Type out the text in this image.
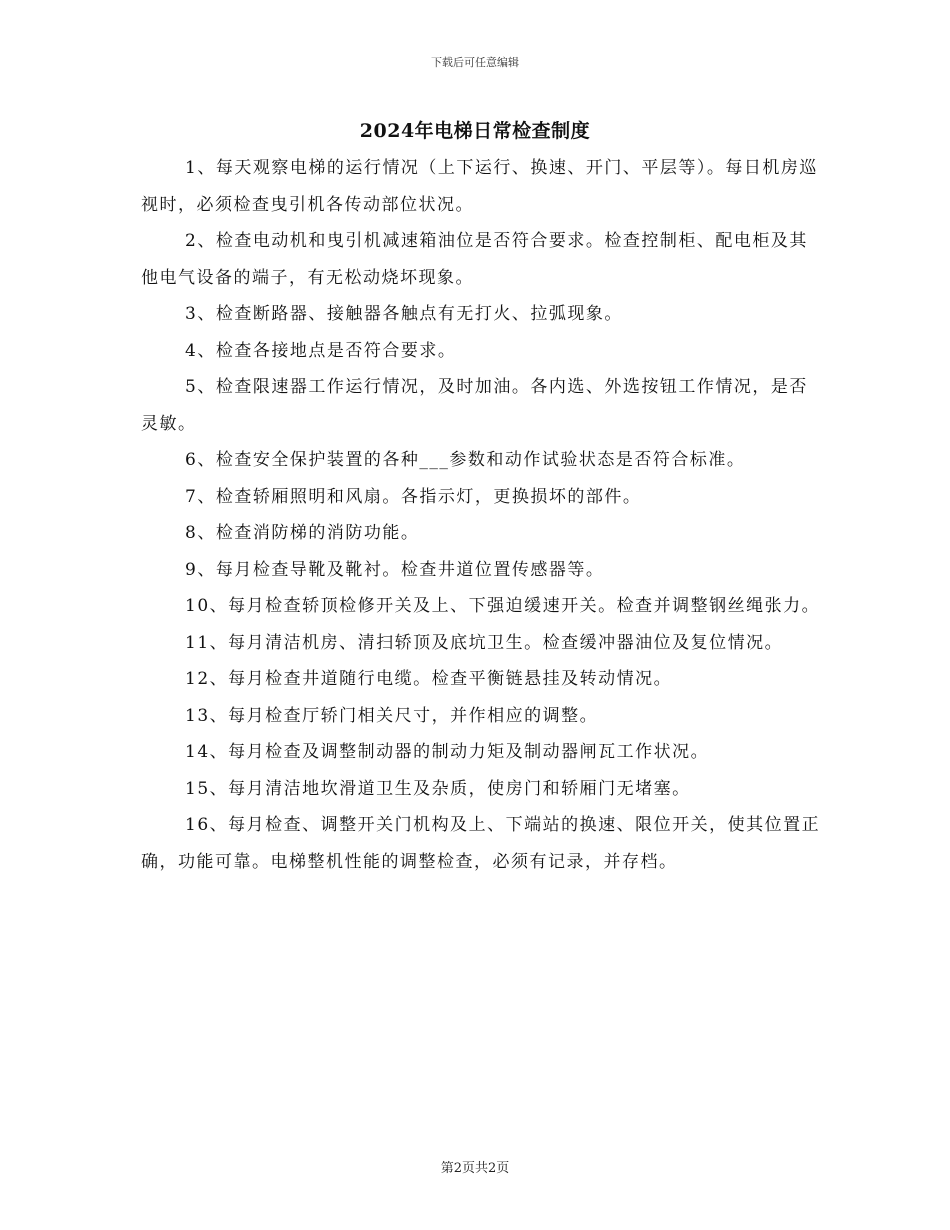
下载后可任意编辑
2024年电梯日常检查制度

1、每天观察电梯的运行情况（上下运行、换速、开门、平层等）。每日机房巡视时，必须检查曳引机各传动部位状况。

2、检查电动机和曳引机减速箱油位是否符合要求。检查控制柜、配电柜及其他电气设备的端子，有无松动烧坏现象。

3、检查断路器、接触器各触点有无打火、拉弧现象。

4、检查各接地点是否符合要求。

5、检查限速器工作运行情况，及时加油。各内选、外选按钮工作情况，是否灵敏。

6、检查安全保护装置的各种___参数和动作试验状态是否符合标准。

7、检查轿厢照明和风扇。各指示灯，更换损坏的部件。

8、检查消防梯的消防功能。

9、每月检查导靴及靴衬。检查井道位置传感器等。

10、每月检查轿顶检修开关及上、下强迫缓速开关。检查并调整钢丝绳张力。

11、每月清洁机房、清扫轿顶及底坑卫生。检查缓冲器油位及复位情况。

12、每月检查井道随行电缆。检查平衡链悬挂及转动情况。

13、每月检查厅轿门相关尺寸，并作相应的调整。

14、每月检查及调整制动器的制动力矩及制动器闸瓦工作状况。

15、每月清洁地坎滑道卫生及杂质，使房门和轿厢门无堵塞。

16、每月检查、调整开关门机构及上、下端站的换速、限位开关，使其位置正确，功能可靠。电梯整机性能的调整检查，必须有记录，并存档。

第2页共2页
